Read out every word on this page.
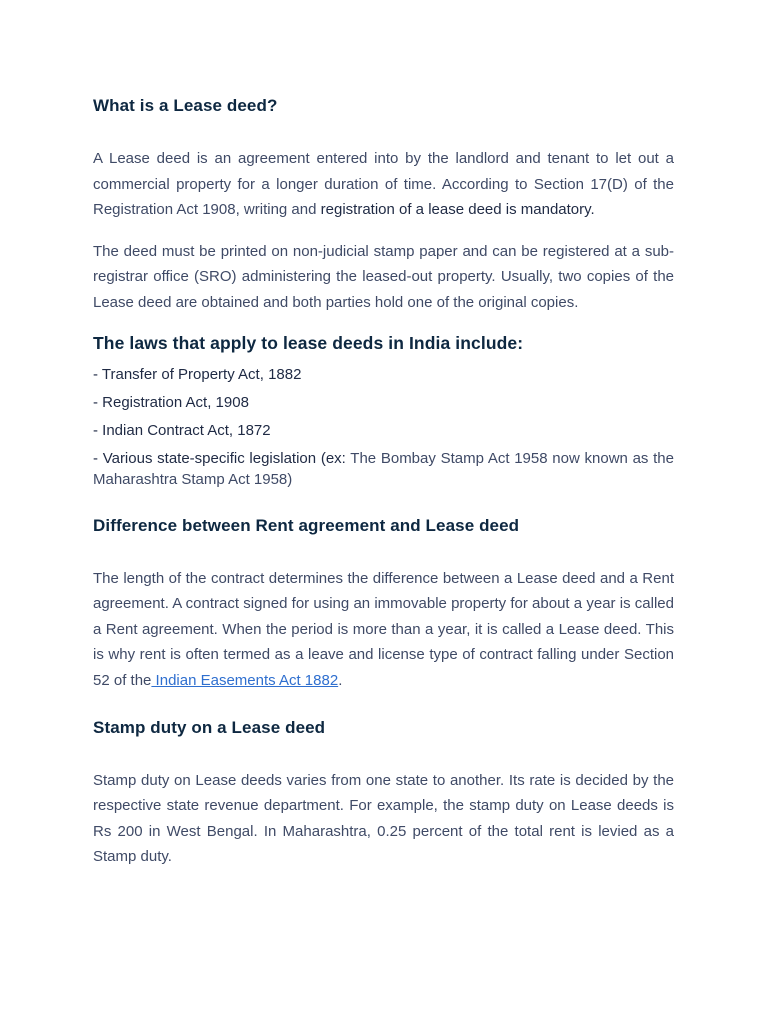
What is a Lease deed?

A Lease deed is an agreement entered into by the landlord and tenant to let out a commercial property for a longer duration of time. According to Section 17(D) of the Registration Act 1908, writing and registration of a lease deed is mandatory.

The deed must be printed on non-judicial stamp paper and can be registered at a sub-registrar office (SRO) administering the leased-out property. Usually, two copies of the Lease deed are obtained and both parties hold one of the original copies.

The laws that apply to lease deeds in India include:
- Transfer of Property Act, 1882
- Registration Act, 1908
- Indian Contract Act, 1872
- Various state-specific legislation (ex: The Bombay Stamp Act 1958 now known as the Maharashtra Stamp Act 1958)
Difference between Rent agreement and Lease deed

The length of the contract determines the difference between a Lease deed and a Rent agreement. A contract signed for using an immovable property for about a year is called a Rent agreement. When the period is more than a year, it is called a Lease deed. This is why rent is often termed as a leave and license type of contract falling under Section 52 of the Indian Easements Act 1882.

Stamp duty on a Lease deed

Stamp duty on Lease deeds varies from one state to another. Its rate is decided by the respective state revenue department. For example, the stamp duty on Lease deeds is Rs 200 in West Bengal. In Maharashtra, 0.25 percent of the total rent is levied as a Stamp duty.
